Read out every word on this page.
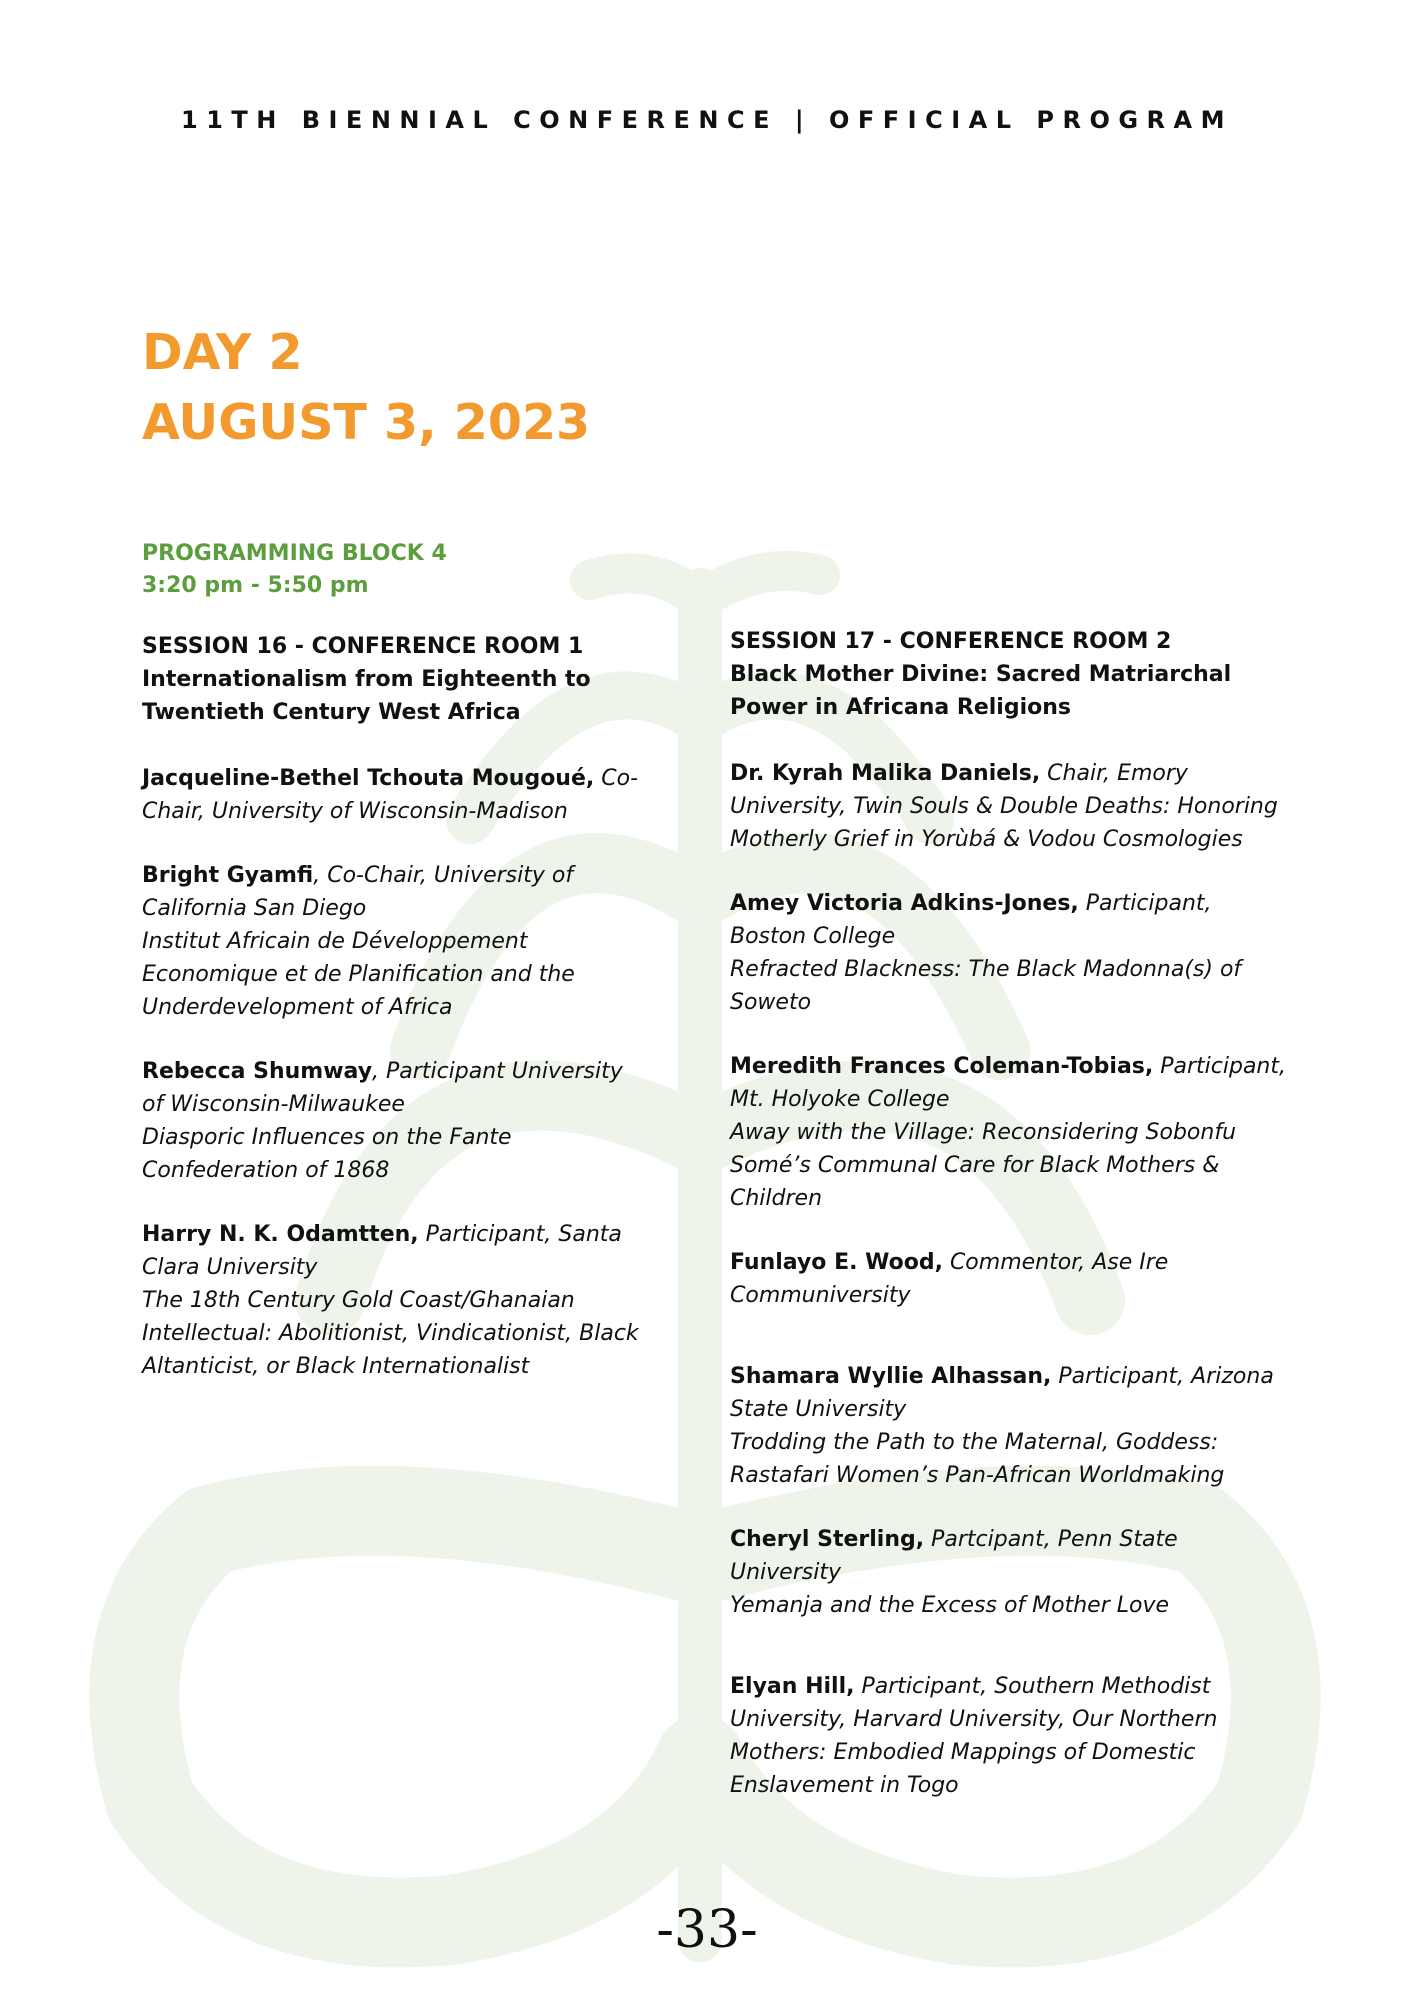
11TH BIENNIAL CONFERENCE | OFFICIAL PROGRAM
DAY 2
AUGUST 3, 2023
PROGRAMMING BLOCK 4
3:20 pm - 5:50 pm
SESSION 16 - CONFERENCE ROOM 1
Internationalism from Eighteenth to Twentieth Century West Africa
Jacqueline-Bethel Tchouta Mougoué, Co-Chair, University of Wisconsin-Madison
Bright Gyamfi, Co-Chair, University of California San Diego
Institut Africain de Développement Economique et de Planification and the Underdevelopment of Africa
Rebecca Shumway, Participant University of Wisconsin-Milwaukee
Diasporic Influences on the Fante Confederation of 1868
Harry N. K. Odamtten, Participant, Santa Clara University
The 18th Century Gold Coast/Ghanaian Intellectual: Abolitionist, Vindicationist, Black Altanticist, or Black Internationalist
SESSION 17 - CONFERENCE ROOM 2
Black Mother Divine: Sacred Matriarchal Power in Africana Religions
Dr. Kyrah Malika Daniels, Chair, Emory University, Twin Souls & Double Deaths: Honoring Motherly Grief in Yorùbá & Vodou Cosmologies
Amey Victoria Adkins-Jones, Participant, Boston College
Refracted Blackness: The Black Madonna(s) of Soweto
Meredith Frances Coleman-Tobias, Participant, Mt. Holyoke College
Away with the Village: Reconsidering Sobonfu Somé’s Communal Care for Black Mothers & Children
Funlayo E. Wood, Commentor, Ase Ire Communiversity
Shamara Wyllie Alhassan, Participant, Arizona State University
Trodding the Path to the Maternal, Goddess: Rastafari Women’s Pan-African Worldmaking
Cheryl Sterling, Partcipant, Penn State University
Yemanja and the Excess of Mother Love
Elyan Hill, Participant, Southern Methodist University, Harvard University, Our Northern Mothers: Embodied Mappings of Domestic Enslavement in Togo
-33-
